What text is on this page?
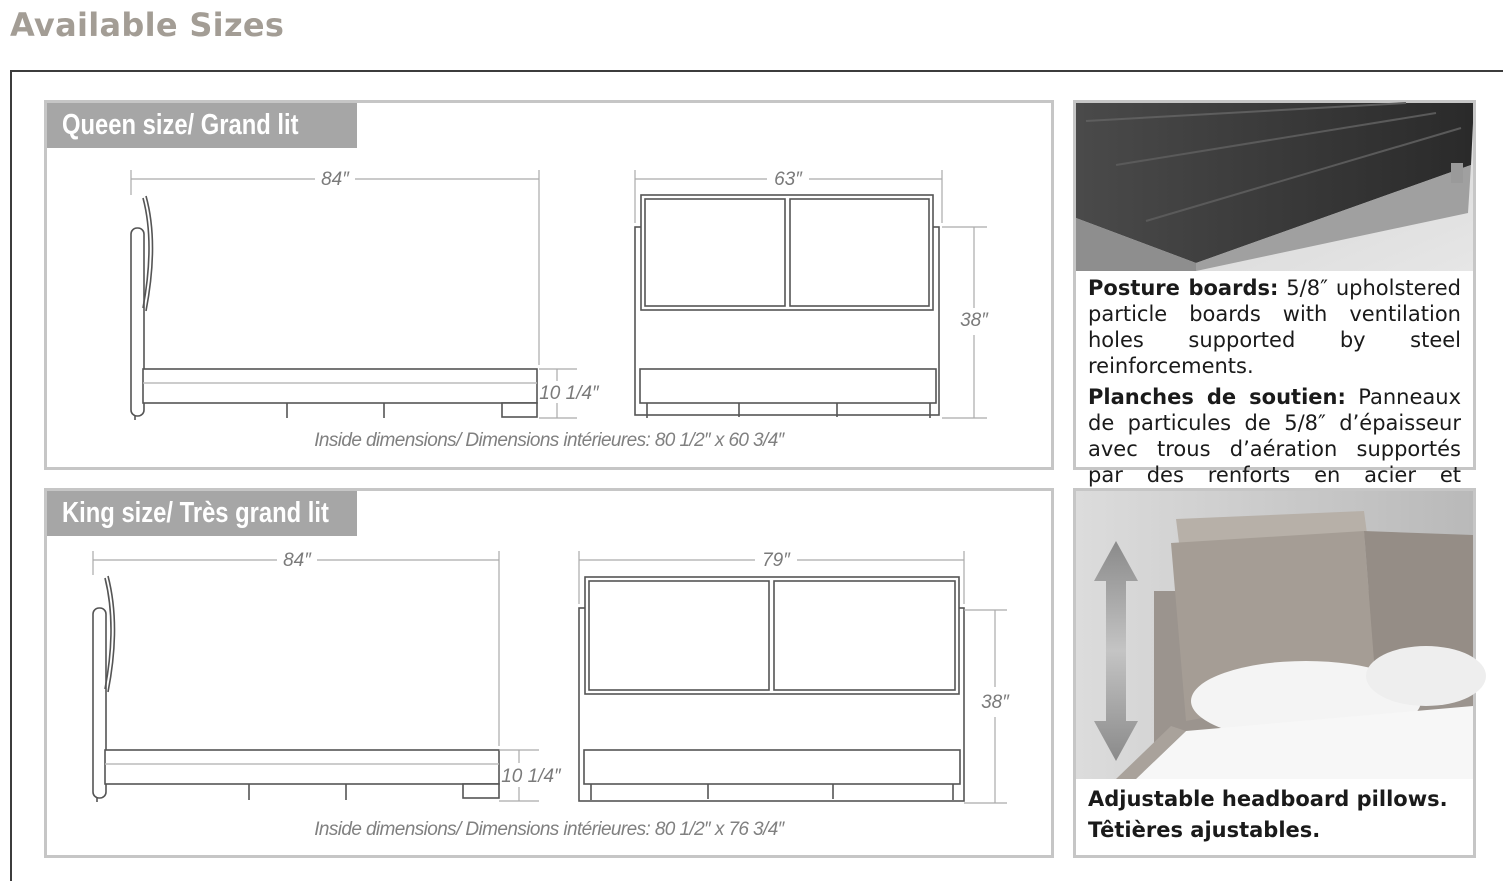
Available Sizes
Queen size/ Grand lit
84″	63″
38″
10 1/4″
Inside dimensions/ Dimensions intérieures: 80 1/2″ x 60 3/4″
King size/ Très grand lit
84″	79″
38″
10 1/4″
Inside dimensions/ Dimensions intérieures: 80 1/2″ x 76 3/4″

Posture boards: 5/8″ upholstered particle boards with ventilation holes supported by steel reinforcements.

Planches de soutien: Panneaux de particules de 5/8″ d’épaisseur avec trous d’aération supportés par des renforts en acier et

Adjustable headboard pillows.
Têtières ajustables.
